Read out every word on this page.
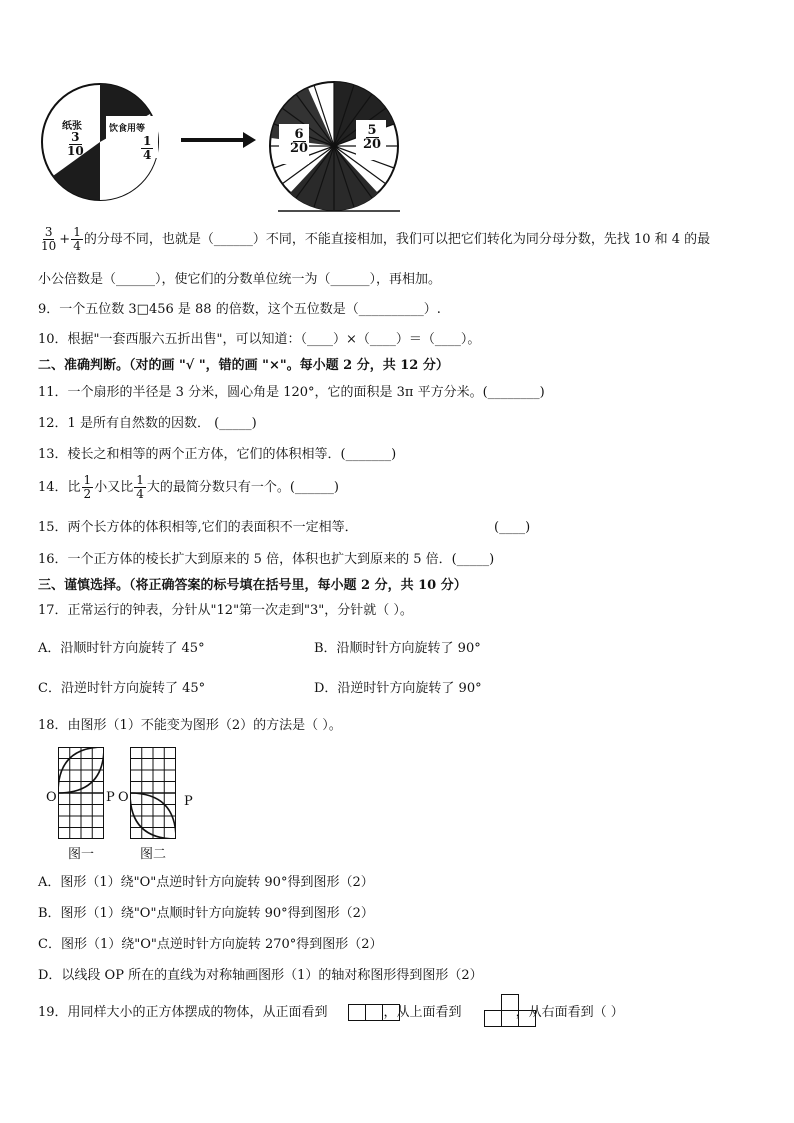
纸张
$\frac{3}{10}$
饮食用等
$\frac{1}{4}$	$\frac{6}{20}$	$\frac{5}{20}$
$\frac{3}{10} + \frac{1}{4}$ 的分母不同，也就是（______）不同，不能直接相加，我们可以把它们转化为同分母分数，先找 10 和 4 的最
小公倍数是（______），使它们的分数单位统一为（______），再相加。
9．一个五位数 3□456 是 88 的倍数，这个五位数是（__________）.
10．根据"一套西服六五折出售"，可以知道：（____）×（____）＝（____）。
二、准确判断。（对的画 "√ "，错的画 "×"。每小题 2 分，共 12 分）
11．一个扇形的半径是 3 分米，圆心角是 120°，它的面积是 3π 平方分米。(________)
12．1 是所有自然数的因数． (_____)
13．棱长之和相等的两个正方体，它们的体积相等．(_______)
14．比 $\frac{1}{2}$ 小又比 $\frac{1}{4}$ 大的最简分数只有一个。(______)
15．两个长方体的体积相等,它们的表面积不一定相等．	(____)
16．一个正方体的棱长扩大到原来的 5 倍，体积也扩大到原来的 5 倍．(_____)
三、谨慎选择。（将正确答案的标号填在括号里，每小题 2 分，共 10 分）
17．正常运行的钟表，分针从"12"第一次走到"3"，分针就（ ）。
A．沿顺时针方向旋转了 45°	B．沿顺时针方向旋转了 90°
C．沿逆时针方向旋转了 45°	D．沿逆时针方向旋转了 90°
18．由图形（1）不能变为图形（2）的方法是（ ）。
O	P
图一
O	P
图二
A．图形（1）绕"O"点逆时针方向旋转 90°得到图形（2）
B．图形（1）绕"O"点顺时针方向旋转 90°得到图形（2）
C．图形（1）绕"O"点逆时针方向旋转 270°得到图形（2）
D．以线段 OP 所在的直线为对称轴画图形（1）的轴对称图形得到图形（2）
19．用同样大小的正方体摆成的物体，从正面看到	，从上面看到	，从右面看到（ ）
